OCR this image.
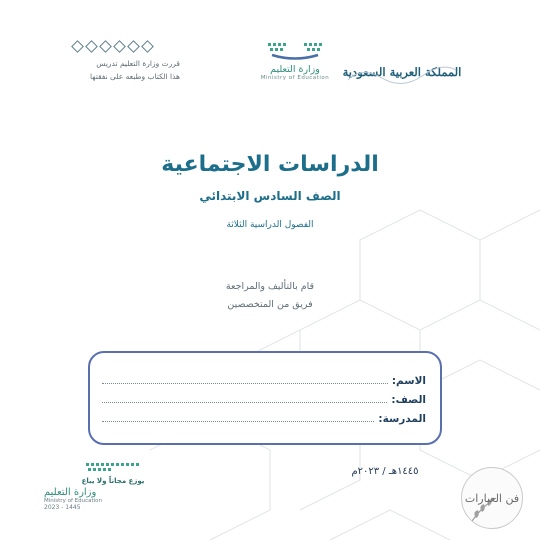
قررت وزارة التعليم تدريس
هذا الكتاب وطبعه على نفقتها
وزارة التعليم
Ministry of Education	المملكة العربية السعودية
الدراسات الاجتماعية
الصف السادس الابتدائي
الفصول الدراسية الثلاثة
قام بالتأليف والمراجعة
فريق من المتخصصين
الاسم:
الصف:
المدرسة:
١٤٤٥هـ / ٢٠٢٣م
يوزع مجاناً ولا يباع
وزارة التعليم
Ministry of Education
2023 - 1445
فن العبارات
